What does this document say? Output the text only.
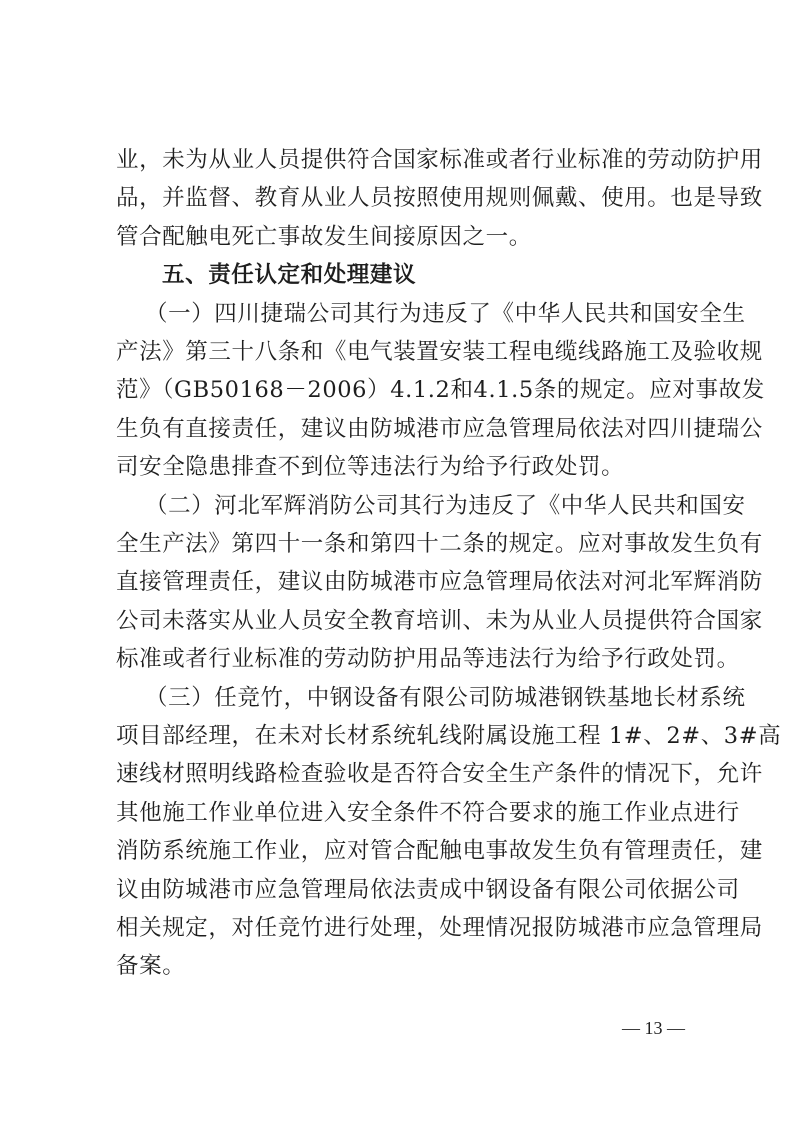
业，未为从业人员提供符合国家标准或者行业标准的劳动防护用
品，并监督、教育从业人员按照使用规则佩戴、使用。也是导致
管合配触电死亡事故发生间接原因之一。
五、责任认定和处理建议
（一）四川捷瑞公司其行为违反了《中华人民共和国安全生
产法》第三十八条和《电气装置安装工程电缆线路施工及验收规
范》（GB50168－2006）4.1.2和4.1.5条的规定。应对事故发
生负有直接责任，建议由防城港市应急管理局依法对四川捷瑞公
司安全隐患排查不到位等违法行为给予行政处罚。
（二）河北军辉消防公司其行为违反了《中华人民共和国安
全生产法》第四十一条和第四十二条的规定。应对事故发生负有
直接管理责任，建议由防城港市应急管理局依法对河北军辉消防
公司未落实从业人员安全教育培训、未为从业人员提供符合国家
标准或者行业标准的劳动防护用品等违法行为给予行政处罚。
（三）任竞竹，中钢设备有限公司防城港钢铁基地长材系统
项目部经理，在未对长材系统轧线附属设施工程 1#、2#、3#高
速线材照明线路检查验收是否符合安全生产条件的情况下，允许
其他施工作业单位进入安全条件不符合要求的施工作业点进行
消防系统施工作业，应对管合配触电事故发生负有管理责任，建
议由防城港市应急管理局依法责成中钢设备有限公司依据公司
相关规定，对任竞竹进行处理，处理情况报防城港市应急管理局
备案。
— 13 —
